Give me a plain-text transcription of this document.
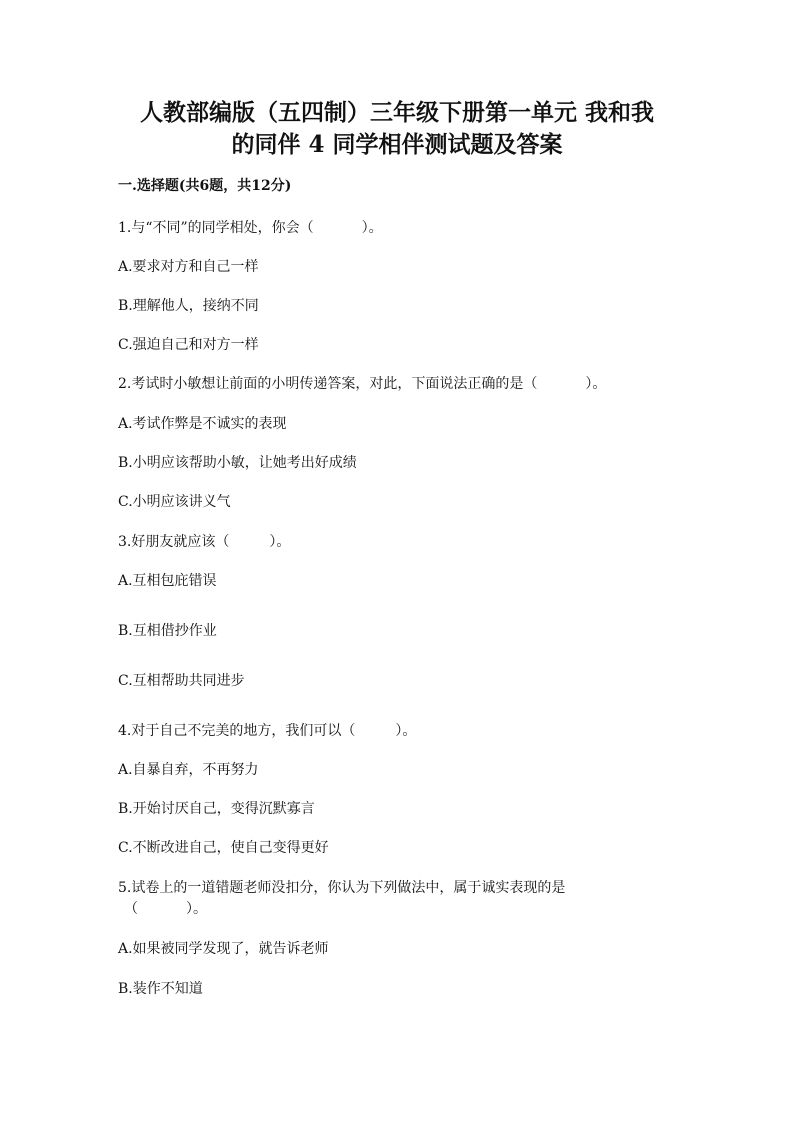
人教部编版（五四制）三年级下册第一单元 我和我
的同伴 4 同学相伴测试题及答案
一.选择题(共6题，共12分)
1.与“不同”的同学相处，你会（	）。
A.要求对方和自己一样
B.理解他人，接纳不同
C.强迫自己和对方一样
2.考试时小敏想让前面的小明传递答案，对此，下面说法正确的是（	）。
A.考试作弊是不诚实的表现
B.小明应该帮助小敏，让她考出好成绩
C.小明应该讲义气
3.好朋友就应该（	）。
A.互相包庇错误
B.互相借抄作业
C.互相帮助共同进步
4.对于自己不完美的地方，我们可以（	）。
A.自暴自弃，不再努力
B.开始讨厌自己，变得沉默寡言
C.不断改进自己，使自己变得更好
5.试卷上的一道错题老师没扣分，你认为下列做法中，属于诚实表现的是
（	）。
A.如果被同学发现了，就告诉老师
B.装作不知道
